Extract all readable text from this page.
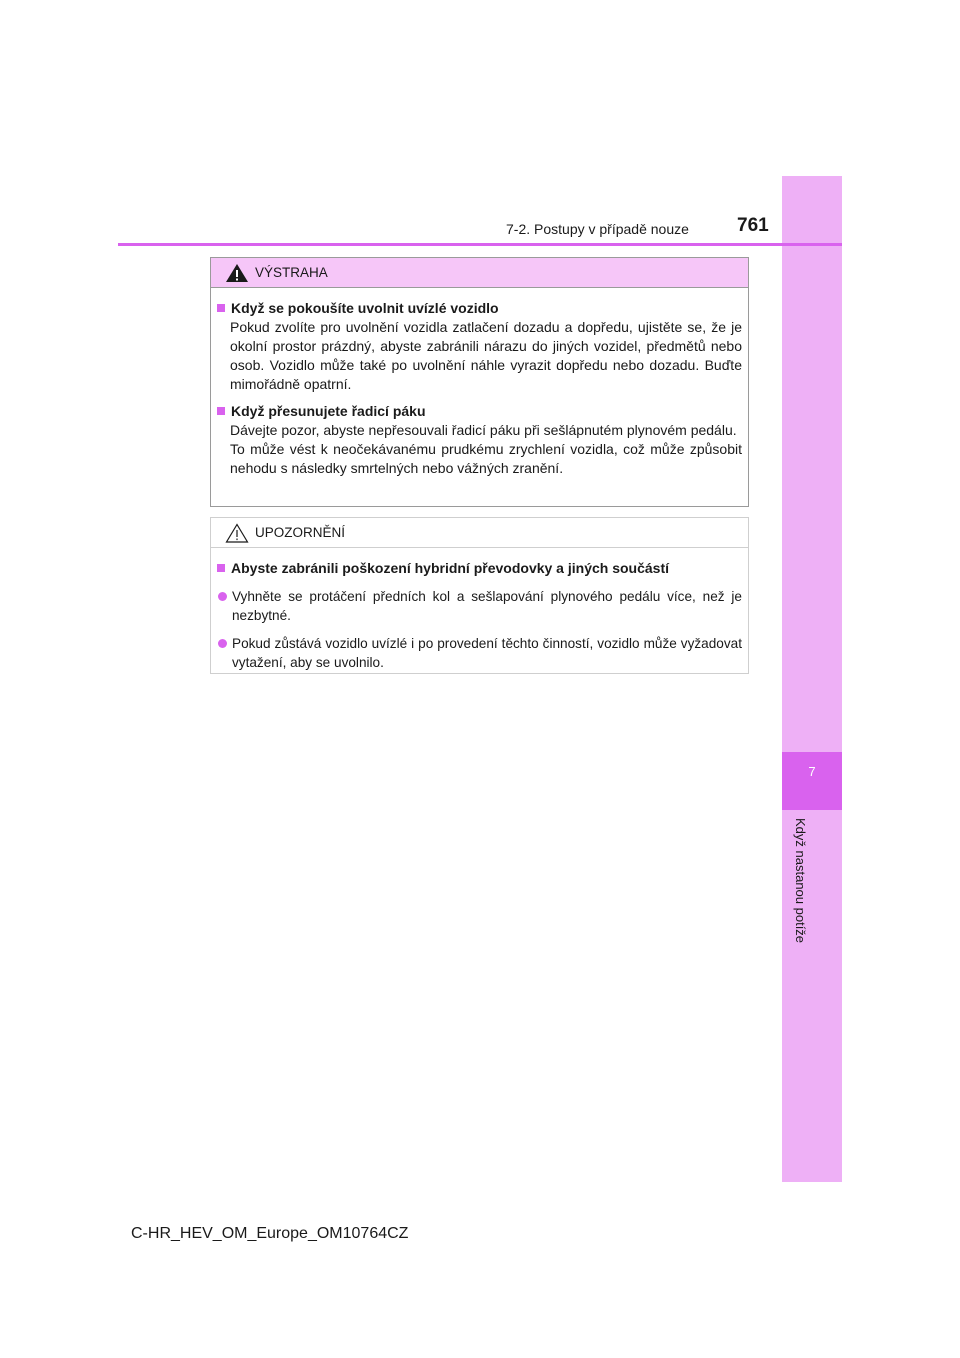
7
Když nastanou potíže
7-2. Postupy v případě nouze	761
VÝSTRAHA
Když se pokoušíte uvolnit uvízlé vozidlo
Pokud zvolíte pro uvolnění vozidla zatlačení dozadu a dopředu, ujistěte se, že je okolní prostor prázdný, abyste zabránili nárazu do jiných vozidel, předmětů nebo osob. Vozidlo může také po uvolnění náhle vyrazit dopředu nebo dozadu. Buďte mimořádně opatrní.
Když přesunujete řadicí páku
Dávejte pozor, abyste nepřesouvali řadicí páku při sešlápnutém plynovém pedálu.
To může vést k neočekávanému prudkému zrychlení vozidla, což může způsobit nehodu s následky smrtelných nebo vážných zranění.
UPOZORNĚNÍ
Abyste zabránili poškození hybridní převodovky a jiných součástí
Vyhněte se protáčení předních kol a sešlapování plynového pedálu více, než je nezbytné.
Pokud zůstává vozidlo uvízlé i po provedení těchto činností, vozidlo může vyžadovat vytažení, aby se uvolnilo.
C-HR_HEV_OM_Europe_OM10764CZ
